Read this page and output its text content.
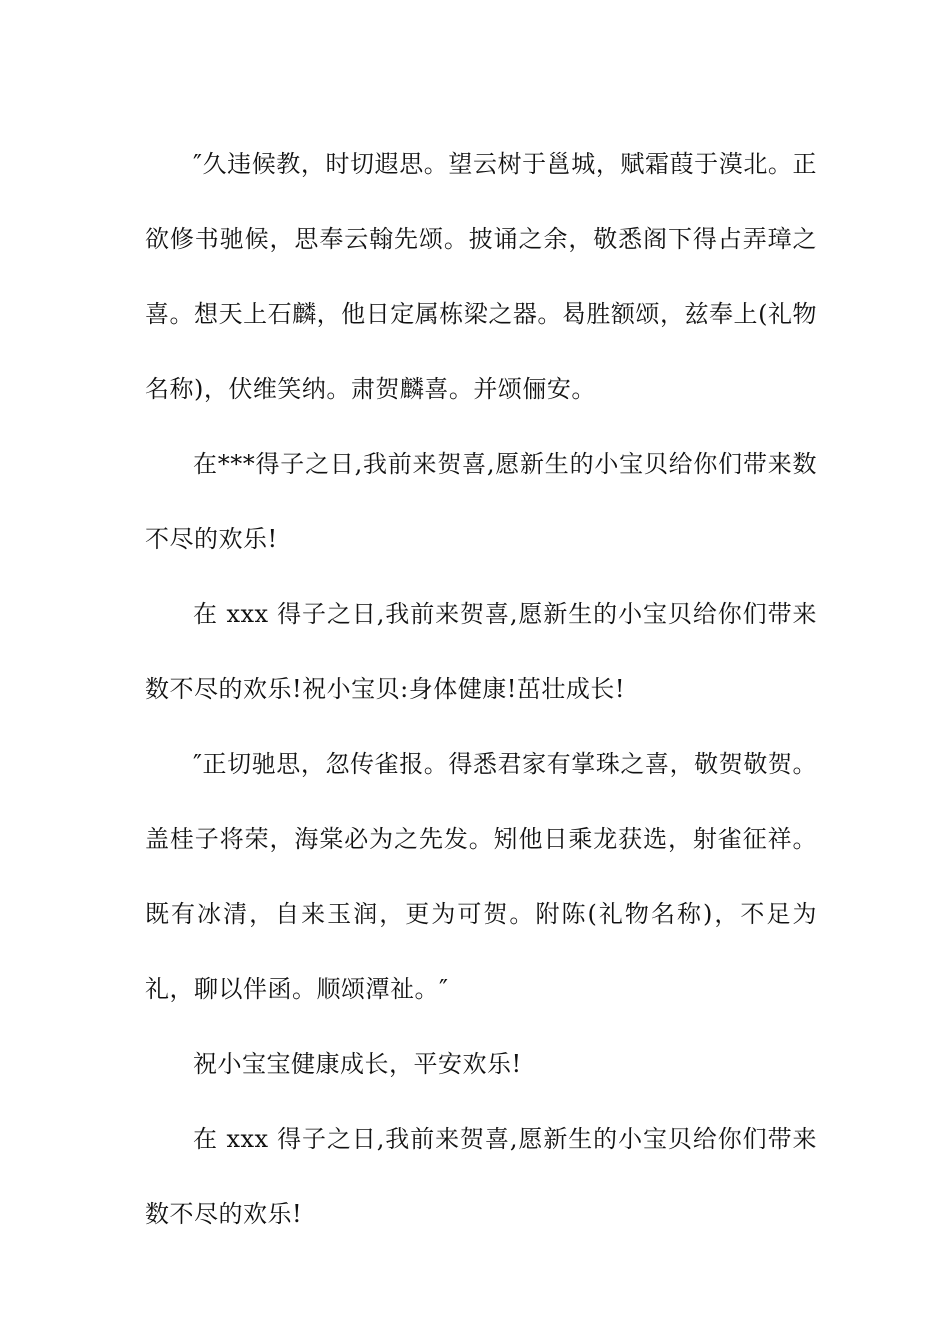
″久违候教，时切遐思。望云树于邕城，赋霜葭于漠北。正欲修书驰候，思奉云翰先颂。披诵之余，敬悉阁下得占弄璋之喜。想天上石麟，他日定属栋梁之器。曷胜额颂，兹奉上(礼物名称)，伏维笑纳。肃贺麟喜。并颂俪安。

在***得子之日,我前来贺喜,愿新生的小宝贝给你们带来数不尽的欢乐!

在 xxx 得子之日,我前来贺喜,愿新生的小宝贝给你们带来数不尽的欢乐!祝小宝贝:身体健康!茁壮成长!

″正切驰思，忽传雀报。得悉君家有掌珠之喜，敬贺敬贺。盖桂子将荣，海棠必为之先发。矧他日乘龙获选，射雀征祥。既有冰清，自来玉润，更为可贺。附陈(礼物名称)，不足为礼，聊以伴函。顺颂潭祉。″

祝小宝宝健康成长，平安欢乐!

在 xxx 得子之日,我前来贺喜,愿新生的小宝贝给你们带来数不尽的欢乐!
